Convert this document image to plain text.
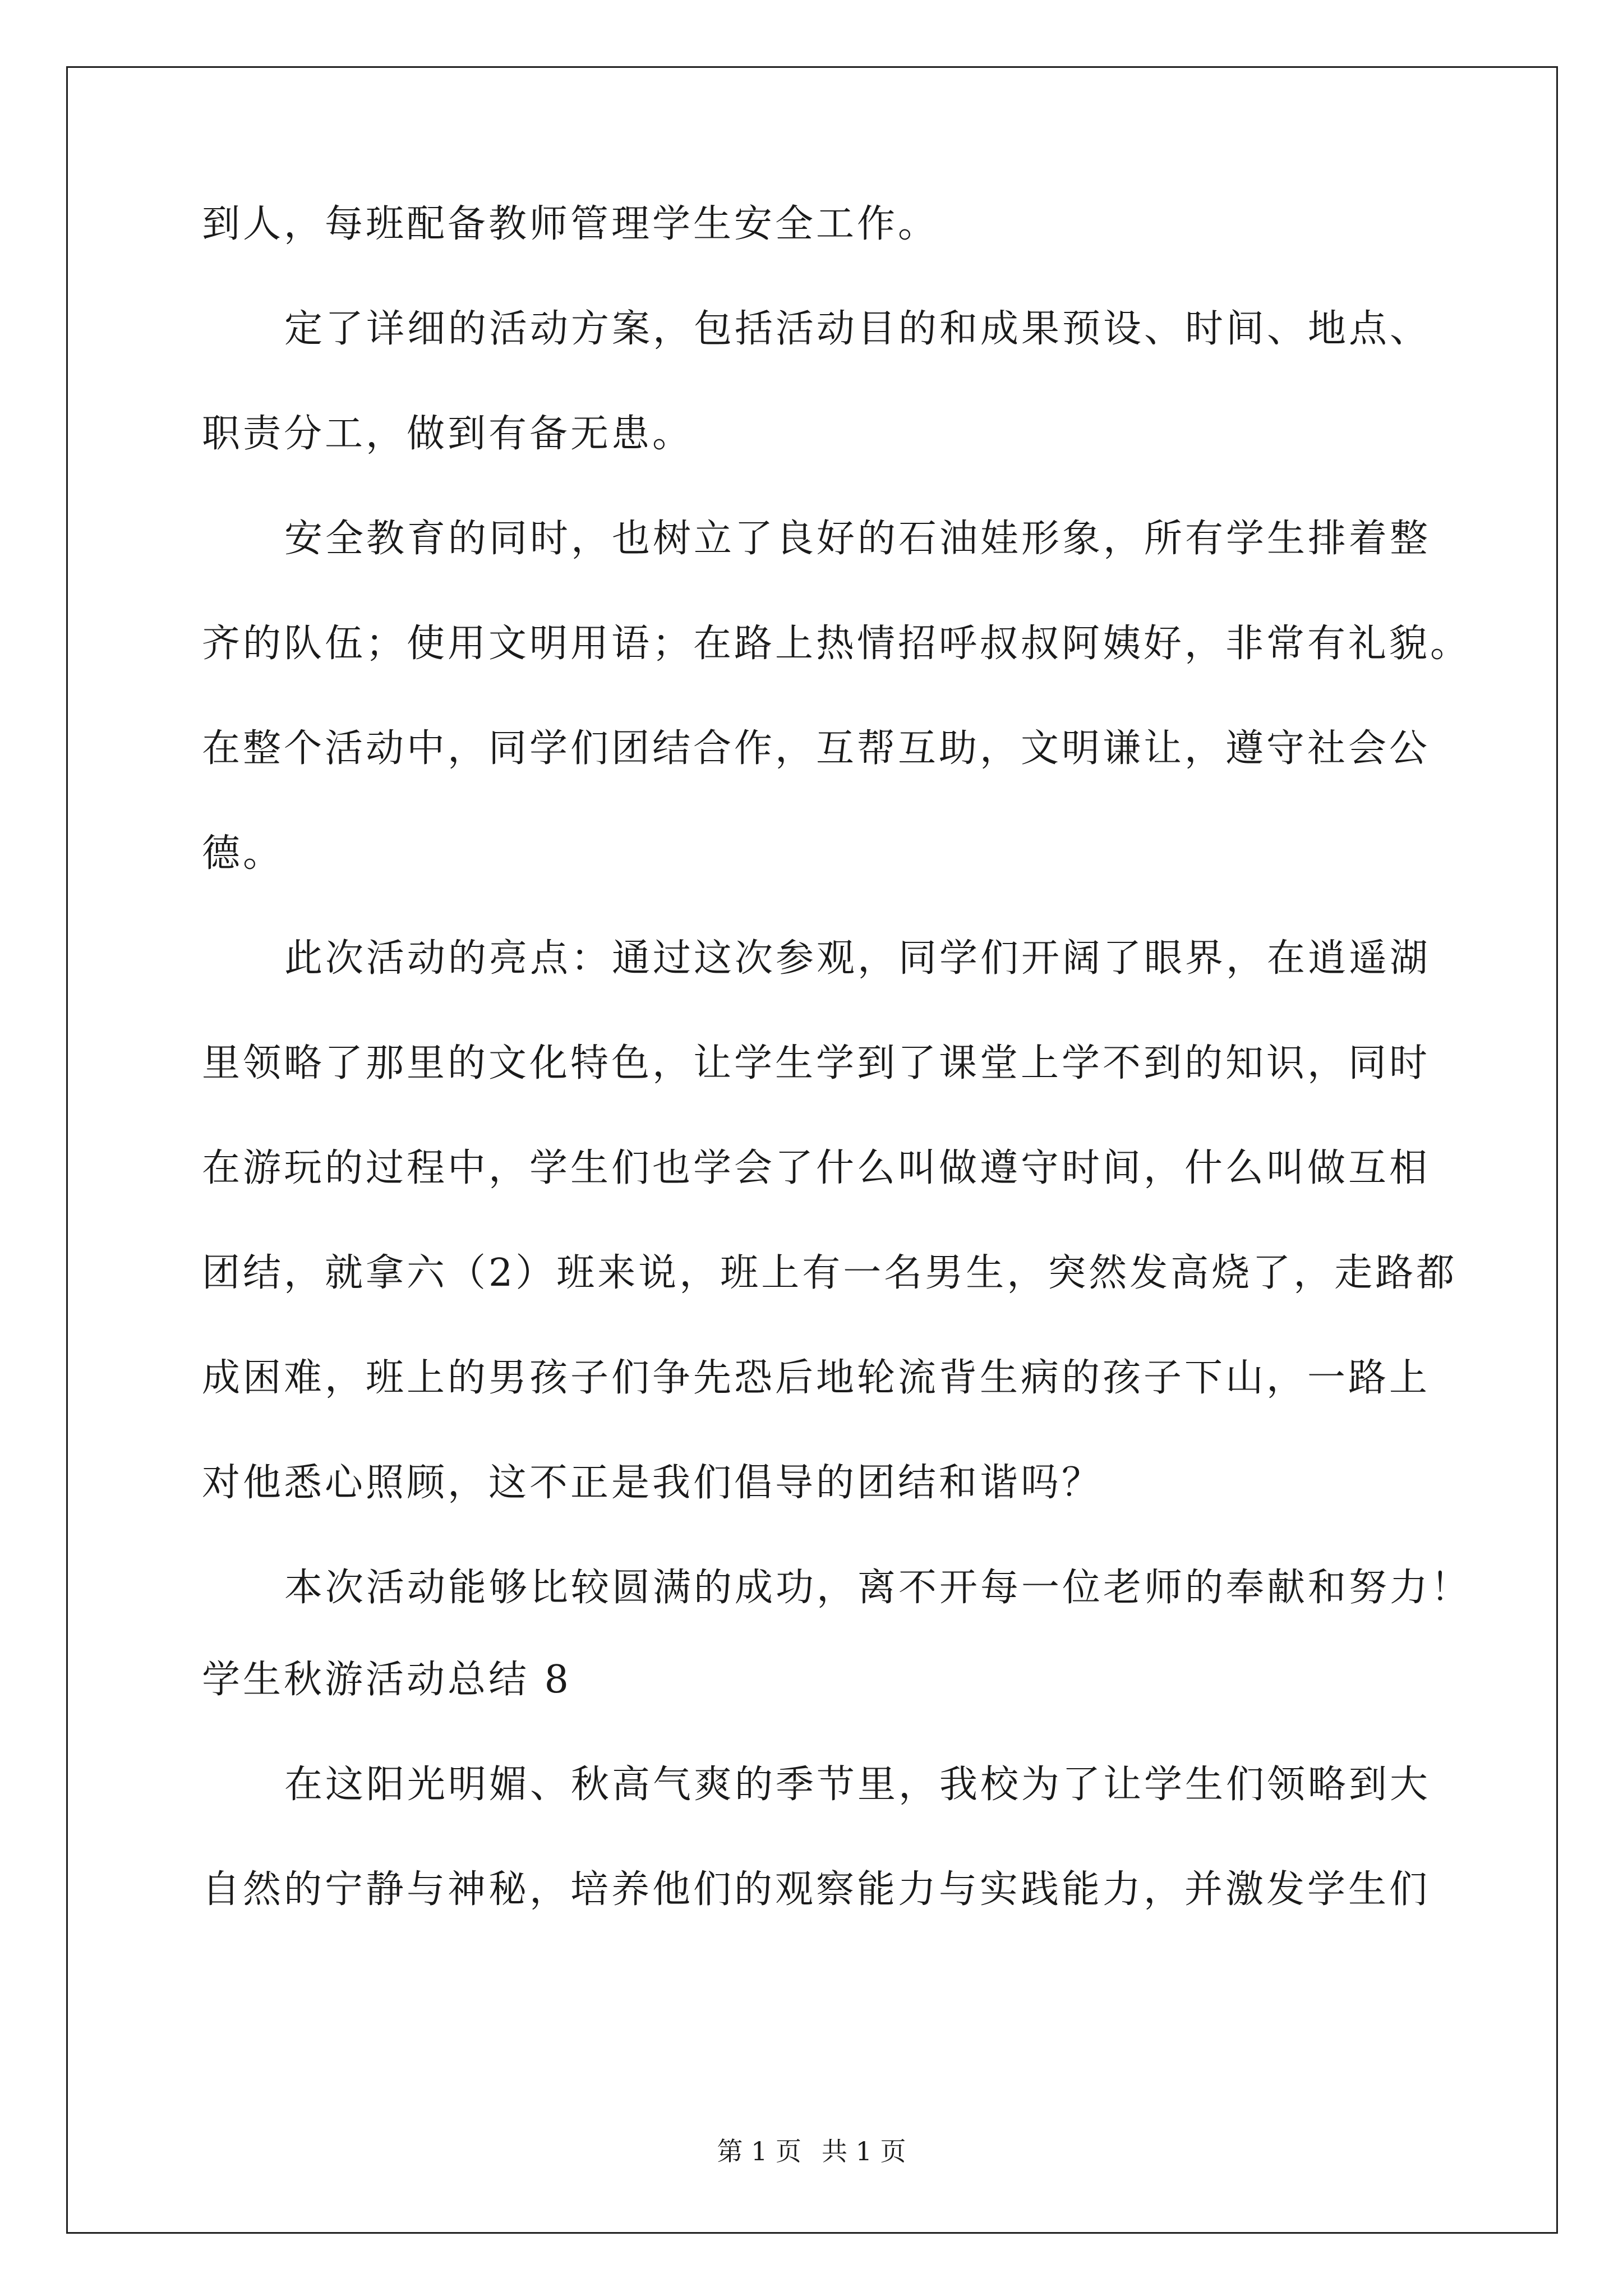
到人，每班配备教师管理学生安全工作。
定了详细的活动方案，包括活动目的和成果预设、时间、地点、
职责分工，做到有备无患。
安全教育的同时，也树立了良好的石油娃形象，所有学生排着整
齐的队伍；使用文明用语；在路上热情招呼叔叔阿姨好，非常有礼貌。
在整个活动中，同学们团结合作，互帮互助，文明谦让，遵守社会公
德。
此次活动的亮点：通过这次参观，同学们开阔了眼界，在逍遥湖
里领略了那里的文化特色，让学生学到了课堂上学不到的知识，同时
在游玩的过程中，学生们也学会了什么叫做遵守时间，什么叫做互相
团结，就拿六（2）班来说，班上有一名男生，突然发高烧了，走路都
成困难，班上的男孩子们争先恐后地轮流背生病的孩子下山，一路上
对他悉心照顾，这不正是我们倡导的团结和谐吗？
本次活动能够比较圆满的成功，离不开每一位老师的奉献和努力！
学生秋游活动总结 8
在这阳光明媚、秋高气爽的季节里，我校为了让学生们领略到大
自然的宁静与神秘，培养他们的观察能力与实践能力，并激发学生们
第 1 页 共 1 页
